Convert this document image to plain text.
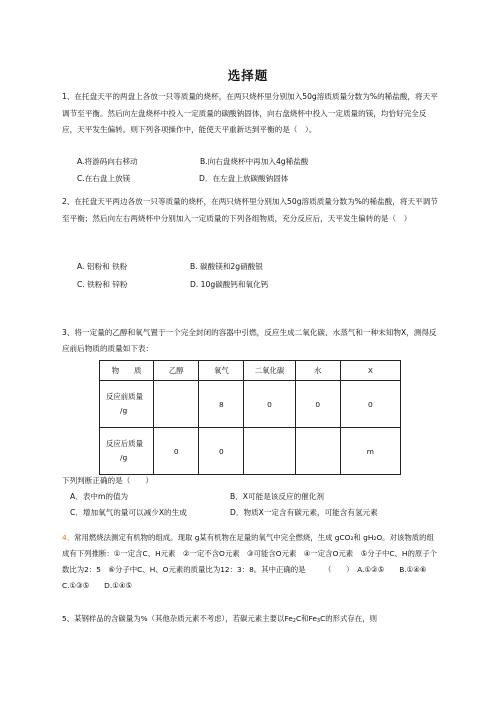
选择题

1、在托盘天平的两盘上各放一只等质量的烧杯，在两只烧杯里分别加入50g溶质质量分数为%的稀盐酸，将天平调节至平衡。然后向左盘烧杯中投入一定质量的碳酸钠固体，向右盘烧杯中投入一定质量的镁，均恰好完全反应，天平发生偏转。则下列各项操作中，能使天平重新达到平衡的是（　）。

A.将游码向右移动	B.向右盘烧杯中再加入4g稀盐酸
C.在右盘上放镁	D．在左盘上放碳酸钠固体

2、在托盘天平两边各放一只等质量的烧杯，在两只烧杯里分别加入50g溶质质量分数为%的稀盐酸，将天平调节至平衡；然后向左右两烧杯中分别加入一定质量的下列各组物质，充分反应后，天平发生偏转的是（　）

A. 铝粉和 铁粉	B. 碳酸镁和2g硝酸银
C. 铁粉和 锌粉	D. 10g碳酸钙和氧化钙

3、将一定量的乙醇和氧气置于一个完全封闭的容器中引燃，反应生成二氧化碳、水蒸气和一种未知物X，测得反应前后物质的质量如下表：

物　　质	乙醇	氧气	二氧化碳	水	X
反应前质量
/g		8	0	0	0
反应后质量
/g	0	0			m
下列判断正确的是（　　）
A．表中m的值为	B．X可能是该反应的催化剂
C．增加氧气的量可以减少X的生成	D．物质X一定含有碳元素，可能含有氢元素

4、常用燃烧法测定有机物的组成。现取 g某有机物在足量的氧气中完全燃烧，生成 gCO₂和 gH₂O。对该物质的组成有下列推断：①一定含C、H元素　②一定不含O元素　③可能含O元素　④一定含O元素　⑤分子中C、H的原子个数比为2：5　⑥分子中C、H、O元素的质量比为12：3：8。其中正确的是　　　（　　）　A.①②⑤　　B.①④⑥　　C.①③⑤　　D.①④⑤

5、某钢样品的含碳量为%（其他杂质元素不考虑），若碳元素主要以$Fe_2C$和$Fe_3C$的形式存在，则
